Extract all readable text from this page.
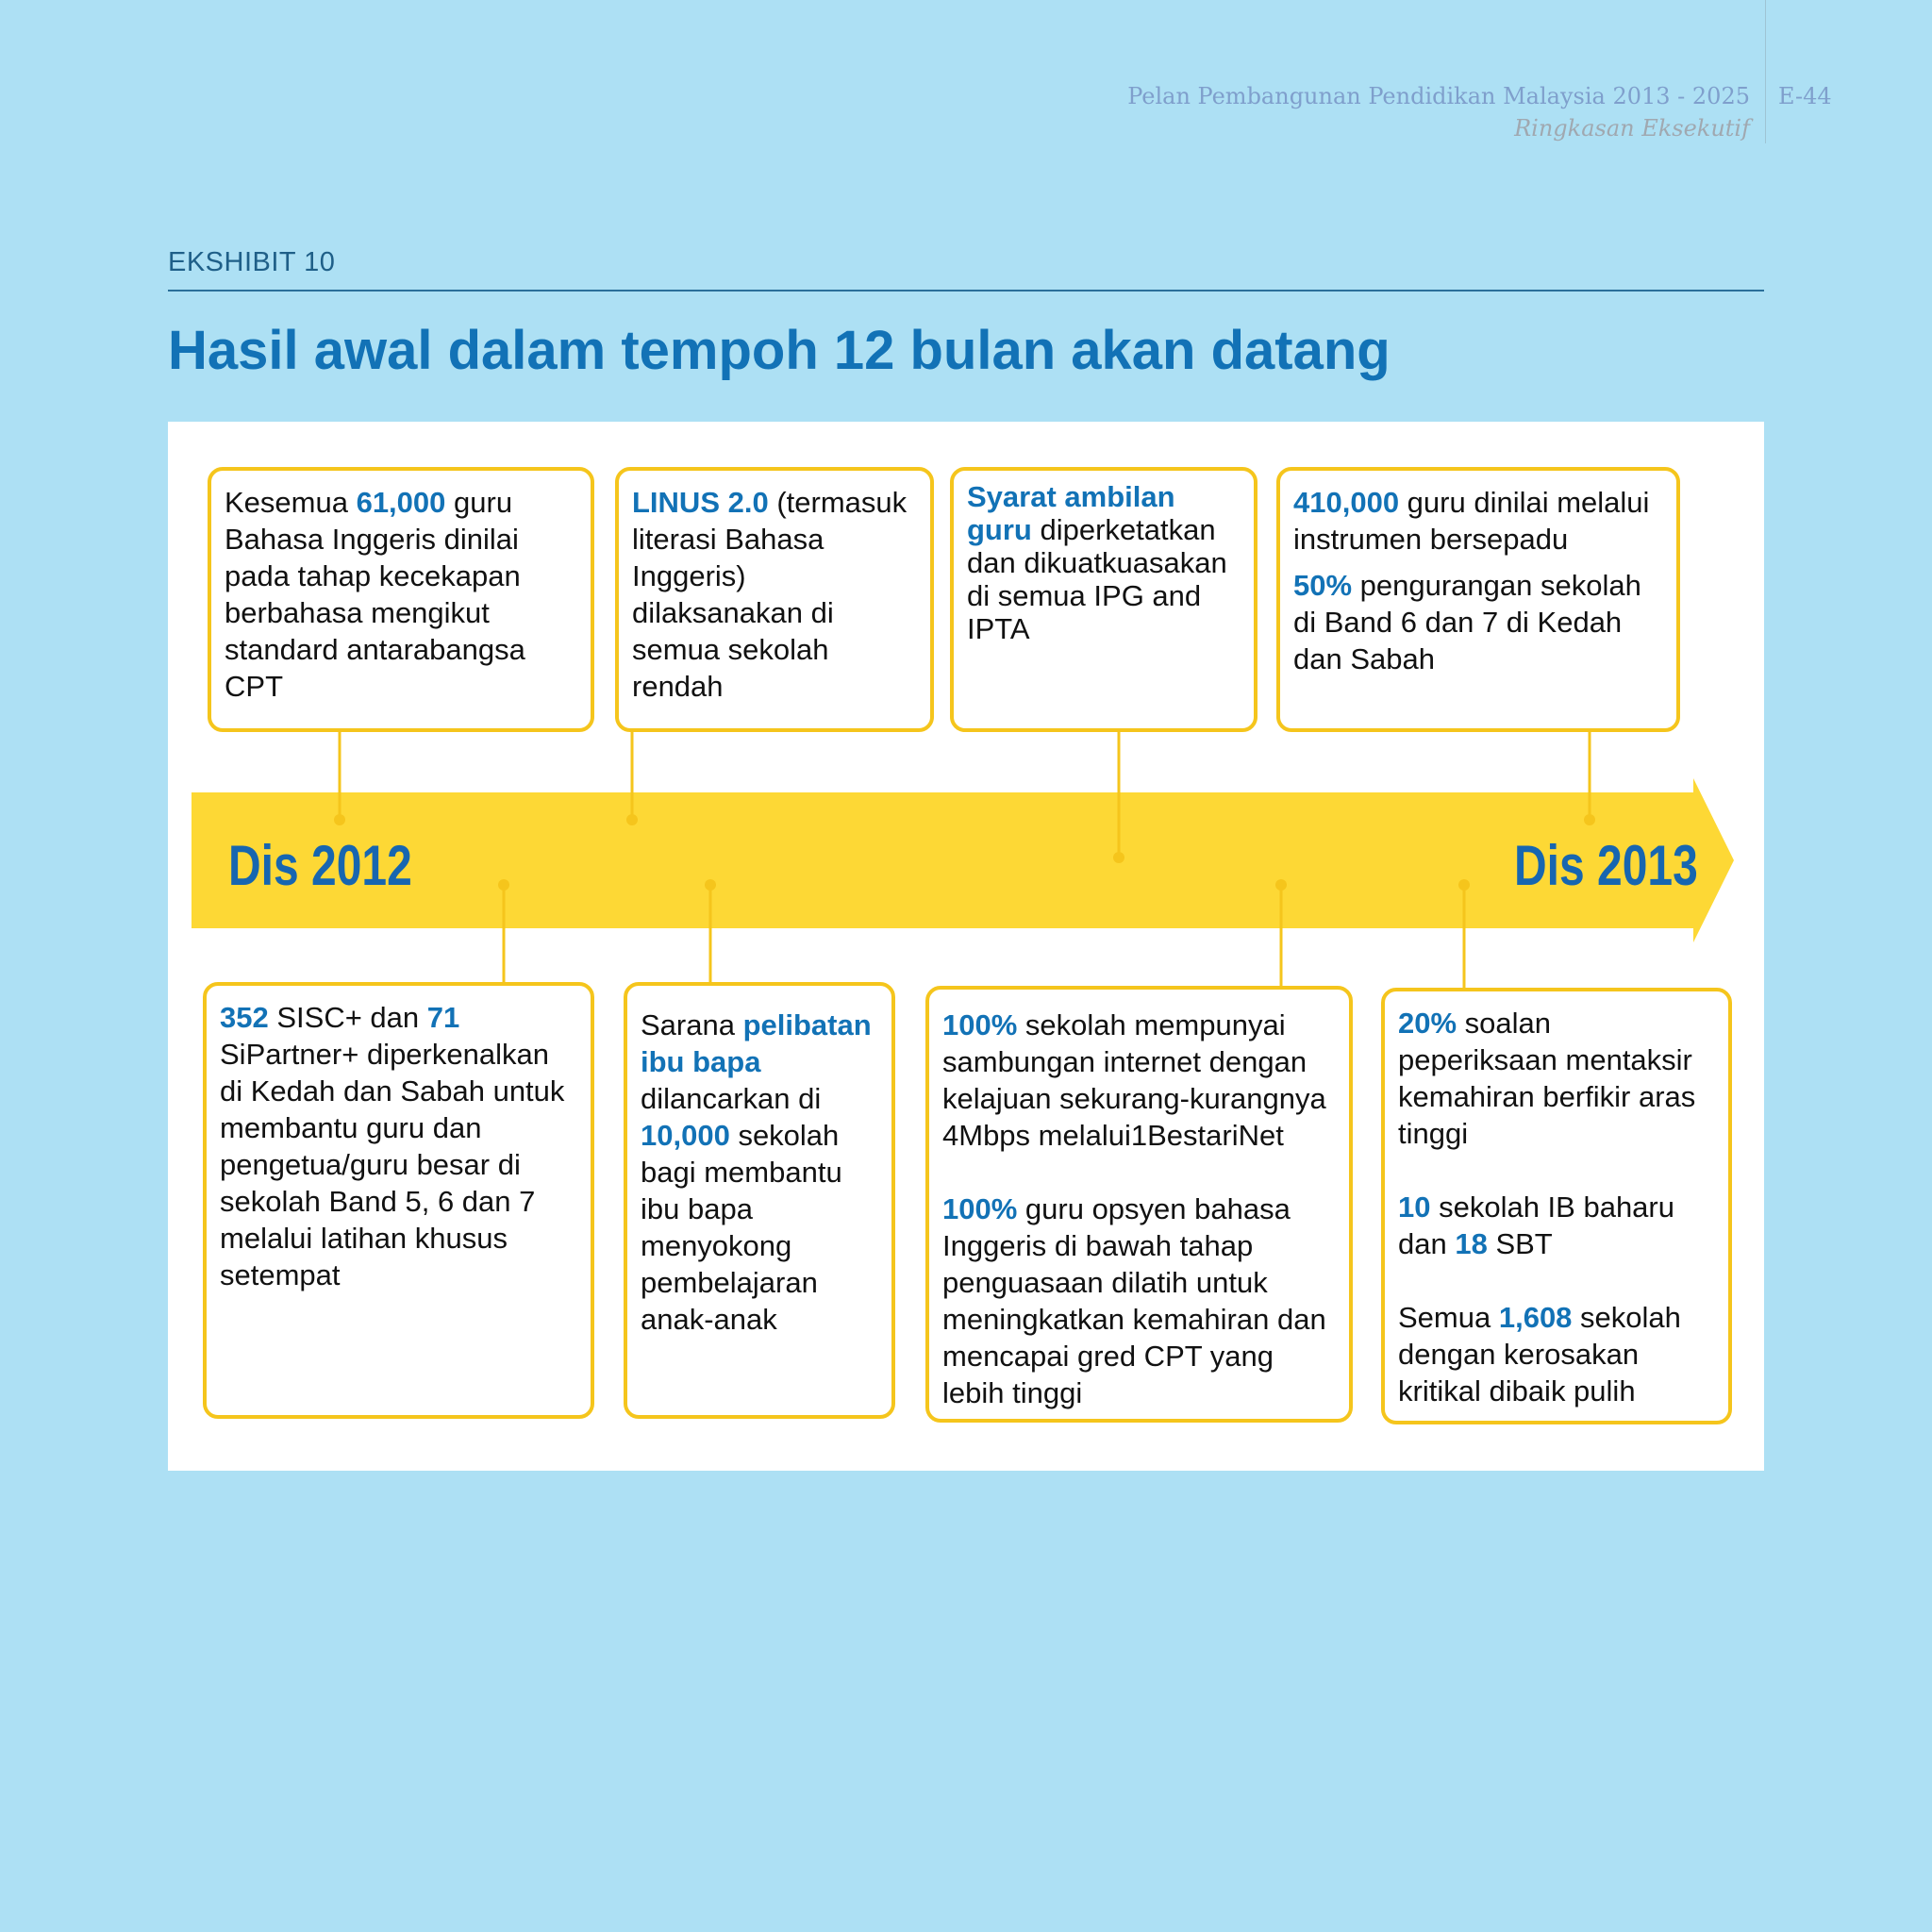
Pelan Pembangunan Pendidikan Malaysia 2013 - 2025
Ringkasan Eksekutif
E-44
EKSHIBIT 10
Hasil awal dalam tempoh 12 bulan akan datang
Dis 2012	Dis 2013

Kesemua 61,000 guru Bahasa Inggeris dinilai pada tahap kecekapan berbahasa mengikut standard antarabangsa CPT

LINUS 2.0 (termasuk literasi Bahasa Inggeris) dilaksanakan di semua sekolah rendah

Syarat ambilan guru diperketatkan dan dikuatkuasakan di semua IPG and IPTA

410,000 guru dinilai melalui instrumen bersepadu

50% pengurangan sekolah di Band 6 dan 7 di Kedah dan Sabah

352 SISC+ dan 71 SiPartner+ diperkenalkan di Kedah dan Sabah untuk membantu guru dan pengetua/guru besar di sekolah Band 5, 6 dan 7 melalui latihan khusus setempat

Sarana pelibatan ibu bapa dilancarkan di 10,000 sekolah bagi membantu ibu bapa menyokong pembelajaran anak-anak

100% sekolah mempunyai sambungan internet dengan kelajuan sekurang-kurangnya 4Mbps melalui1BestariNet

100% guru opsyen bahasa Inggeris di bawah tahap penguasaan dilatih untuk meningkatkan kemahiran dan mencapai gred CPT yang lebih tinggi

20% soalan peperiksaan mentaksir kemahiran berfikir aras tinggi

10 sekolah IB baharu dan 18 SBT

Semua 1,608 sekolah dengan kerosakan kritikal dibaik pulih
